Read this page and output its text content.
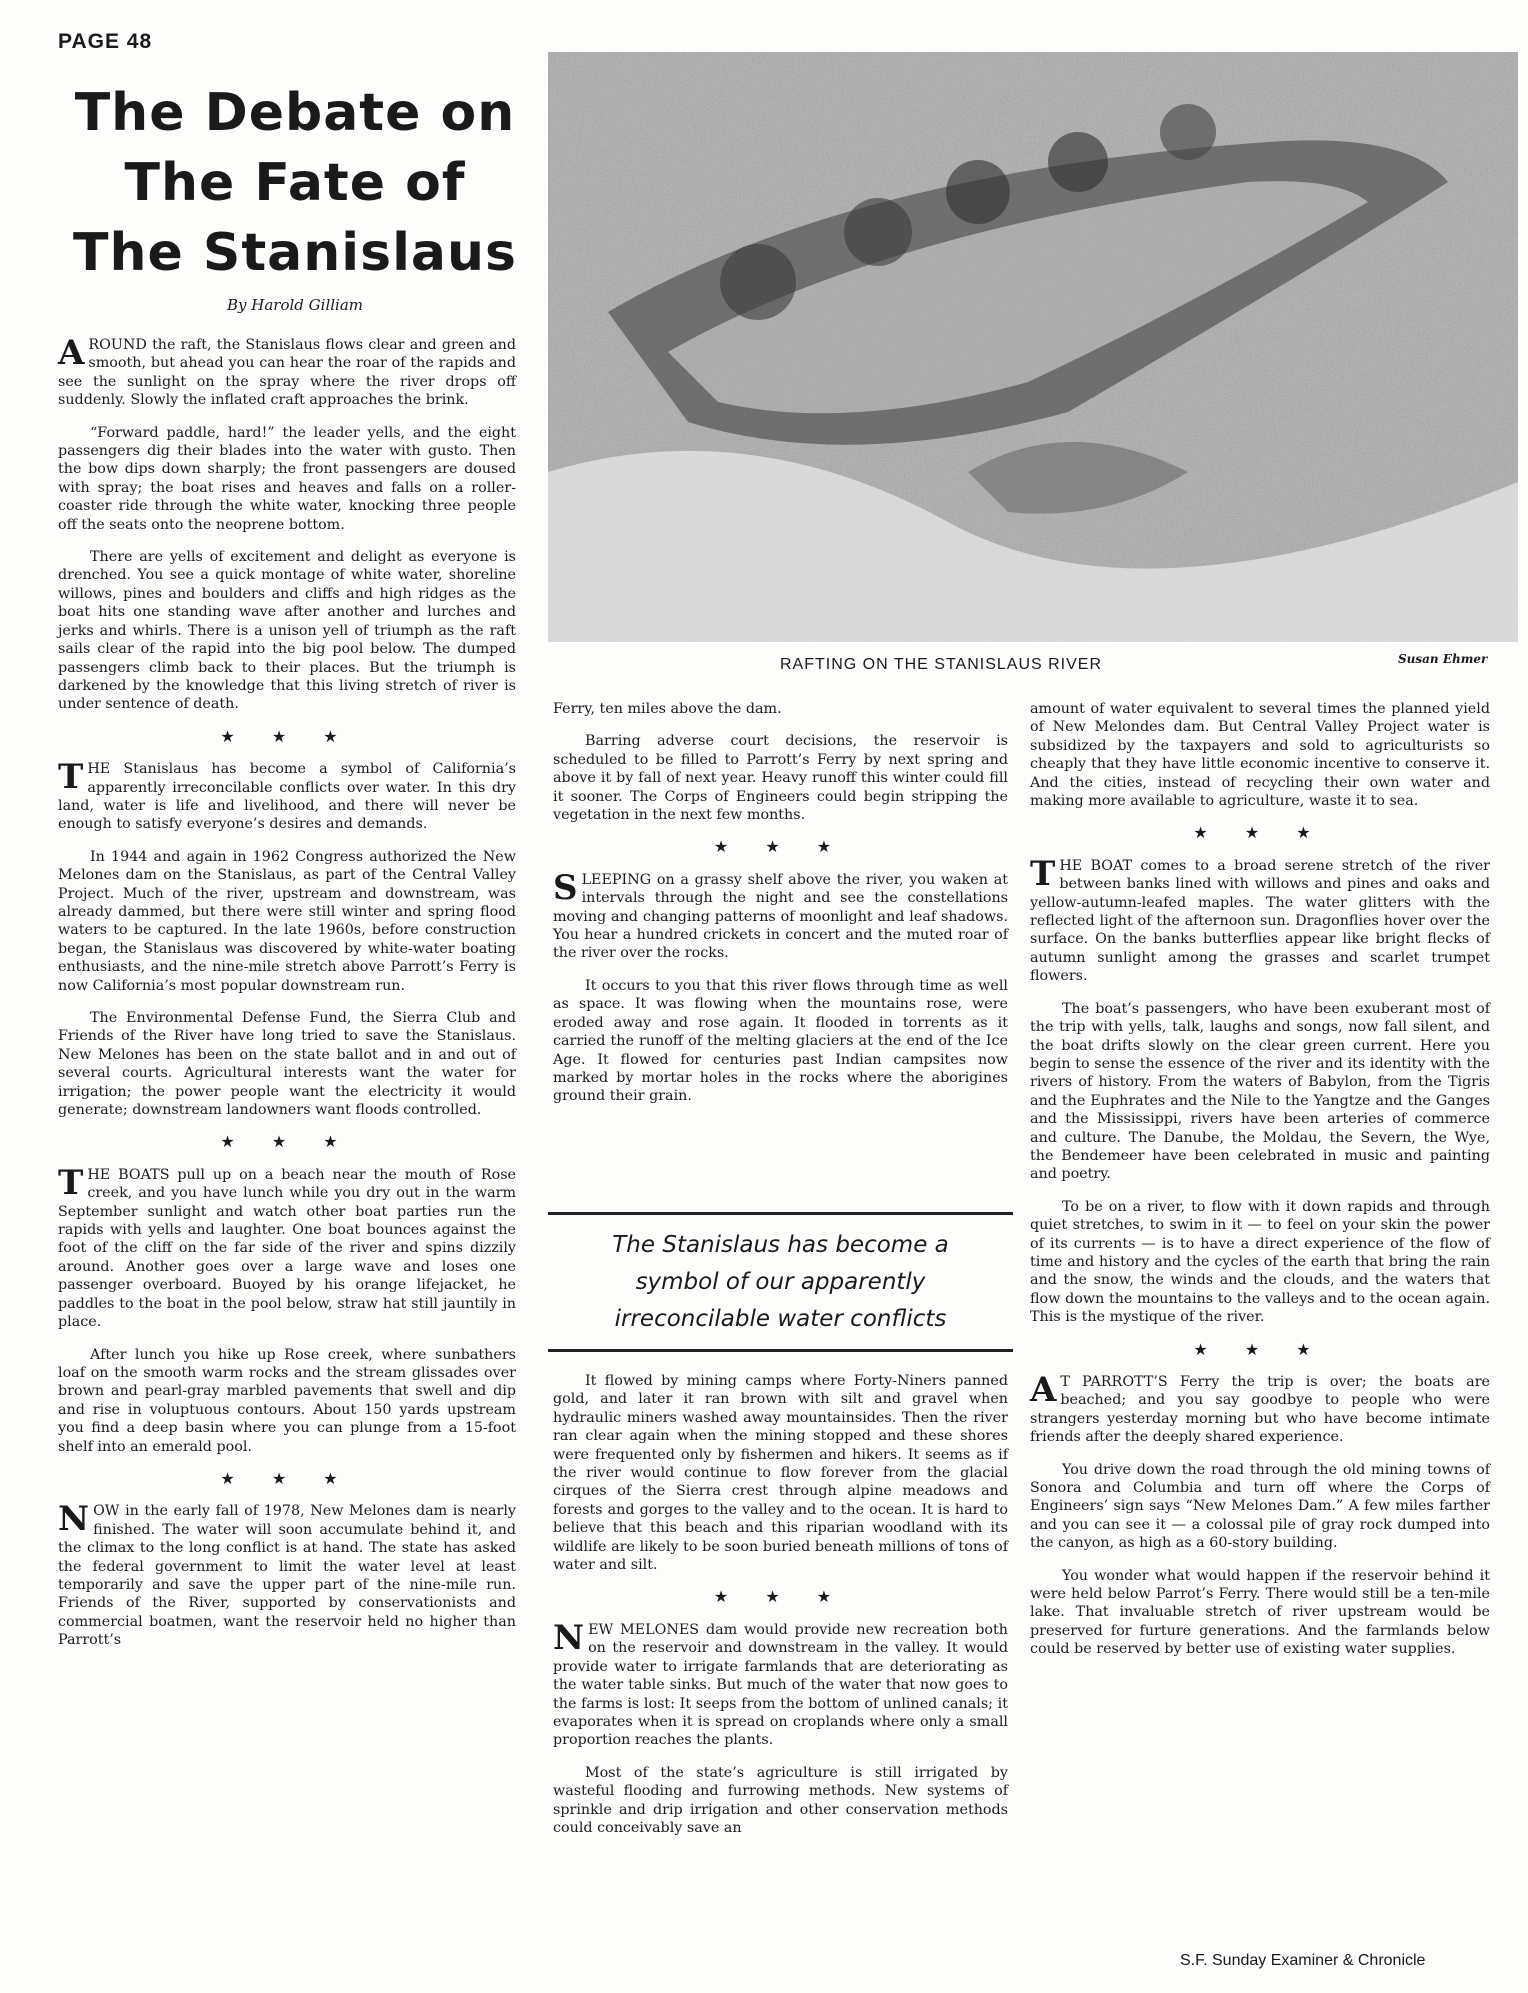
PAGE 48
The Debate on
The Fate of
The Stanislaus
By Harold Gilliam
RAFTING ON THE STANISLAUS RIVER	Susan Ehmer

AROUND the raft, the Stanislaus flows clear and green and smooth, but ahead you can hear the roar of the rapids and see the sunlight on the spray where the river drops off suddenly. Slowly the inflated craft approaches the brink.

“Forward paddle, hard!” the leader yells, and the eight passengers dig their blades into the water with gusto. Then the bow dips down sharply; the front passengers are doused with spray; the boat rises and heaves and falls on a roller-coaster ride through the white water, knocking three people off the seats onto the neoprene bottom.

There are yells of excitement and delight as everyone is drenched. You see a quick montage of white water, shoreline willows, pines and boulders and cliffs and high ridges as the boat hits one standing wave after another and lurches and jerks and whirls. There is a unison yell of triumph as the raft sails clear of the rapid into the big pool below. The dumped passengers climb back to their places. But the triumph is darkened by the knowledge that this living stretch of river is under sentence of death.

★ ★ ★

THE Stanislaus has become a symbol of California’s apparently irreconcilable conflicts over water. In this dry land, water is life and livelihood, and there will never be enough to satisfy everyone’s desires and demands.

In 1944 and again in 1962 Congress authorized the New Melones dam on the Stanislaus, as part of the Central Valley Project. Much of the river, upstream and downstream, was already dammed, but there were still winter and spring flood waters to be captured. In the late 1960s, before construction began, the Stanislaus was discovered by white-water boating enthusiasts, and the nine-mile stretch above Parrott’s Ferry is now California’s most popular downstream run.

The Environmental Defense Fund, the Sierra Club and Friends of the River have long tried to save the Stanislaus. New Melones has been on the state ballot and in and out of several courts. Agricultural interests want the water for irrigation; the power people want the electricity it would generate; downstream landowners want floods controlled.

★ ★ ★

THE BOATS pull up on a beach near the mouth of Rose creek, and you have lunch while you dry out in the warm September sunlight and watch other boat parties run the rapids with yells and laughter. One boat bounces against the foot of the cliff on the far side of the river and spins dizzily around. Another goes over a large wave and loses one passenger overboard. Buoyed by his orange lifejacket, he paddles to the boat in the pool below, straw hat still jauntily in place.

After lunch you hike up Rose creek, where sunbathers loaf on the smooth warm rocks and the stream glissades over brown and pearl-gray marbled pavements that swell and dip and rise in voluptuous contours. About 150 yards upstream you find a deep basin where you can plunge from a 15-foot shelf into an emerald pool.

★ ★ ★

NOW in the early fall of 1978, New Melones dam is nearly finished. The water will soon accumulate behind it, and the climax to the long conflict is at hand. The state has asked the federal government to limit the water level at least temporarily and save the upper part of the nine-mile run. Friends of the River, supported by conservationists and commercial boatmen, want the reservoir held no higher than Parrott’s

Ferry, ten miles above the dam.

Barring adverse court decisions, the reservoir is scheduled to be filled to Parrott’s Ferry by next spring and above it by fall of next year. Heavy runoff this winter could fill it sooner. The Corps of Engineers could begin stripping the vegetation in the next few months.

★ ★ ★

SLEEPING on a grassy shelf above the river, you waken at intervals through the night and see the constellations moving and changing patterns of moonlight and leaf shadows. You hear a hundred crickets in concert and the muted roar of the river over the rocks.

It occurs to you that this river flows through time as well as space. It was flowing when the mountains rose, were eroded away and rose again. It flooded in torrents as it carried the runoff of the melting glaciers at the end of the Ice Age. It flowed for centuries past Indian campsites now marked by mortar holes in the rocks where the aborigines ground their grain.

The Stanislaus has become a
symbol of our apparently
irreconcilable water conflicts

It flowed by mining camps where Forty-Niners panned gold, and later it ran brown with silt and gravel when hydraulic miners washed away mountainsides. Then the river ran clear again when the mining stopped and these shores were frequented only by fishermen and hikers. It seems as if the river would continue to flow forever from the glacial cirques of the Sierra crest through alpine meadows and forests and gorges to the valley and to the ocean. It is hard to believe that this beach and this riparian woodland with its wildlife are likely to be soon buried beneath millions of tons of water and silt.

★ ★ ★

NEW MELONES dam would provide new recreation both on the reservoir and downstream in the valley. It would provide water to irrigate farmlands that are deteriorating as the water table sinks. But much of the water that now goes to the farms is lost: It seeps from the bottom of unlined canals; it evaporates when it is spread on croplands where only a small proportion reaches the plants.

Most of the state’s agriculture is still irrigated by wasteful flooding and furrowing methods. New systems of sprinkle and drip irrigation and other conservation methods could conceivably save an

amount of water equivalent to several times the planned yield of New Melondes dam. But Central Valley Project water is subsidized by the taxpayers and sold to agriculturists so cheaply that they have little economic incentive to conserve it. And the cities, instead of recycling their own water and making more available to agriculture, waste it to sea.

★ ★ ★

THE BOAT comes to a broad serene stretch of the river between banks lined with willows and pines and oaks and yellow-autumn-leafed maples. The water glitters with the reflected light of the afternoon sun. Dragonflies hover over the surface. On the banks butterflies appear like bright flecks of autumn sunlight among the grasses and scarlet trumpet flowers.

The boat’s passengers, who have been exuberant most of the trip with yells, talk, laughs and songs, now fall silent, and the boat drifts slowly on the clear green current. Here you begin to sense the essence of the river and its identity with the rivers of history. From the waters of Babylon, from the Tigris and the Euphrates and the Nile to the Yangtze and the Ganges and the Mississippi, rivers have been arteries of commerce and culture. The Danube, the Moldau, the Severn, the Wye, the Bendemeer have been celebrated in music and painting and poetry.

To be on a river, to flow with it down rapids and through quiet stretches, to swim in it — to feel on your skin the power of its currents — is to have a direct experience of the flow of time and history and the cycles of the earth that bring the rain and the snow, the winds and the clouds, and the waters that flow down the mountains to the valleys and to the ocean again. This is the mystique of the river.

★ ★ ★

AT PARROTT’S Ferry the trip is over; the boats are beached; and you say goodbye to people who were strangers yesterday morning but who have become intimate friends after the deeply shared experience.

You drive down the road through the old mining towns of Sonora and Columbia and turn off where the Corps of Engineers’ sign says “New Melones Dam.” A few miles farther and you can see it — a colossal pile of gray rock dumped into the canyon, as high as a 60-story building.

You wonder what would happen if the reservoir behind it were held below Parrot’s Ferry. There would still be a ten-mile lake. That invaluable stretch of river upstream would be preserved for furture generations. And the farmlands below could be reserved by better use of existing water supplies.

S.F. Sunday Examiner & Chronicle
